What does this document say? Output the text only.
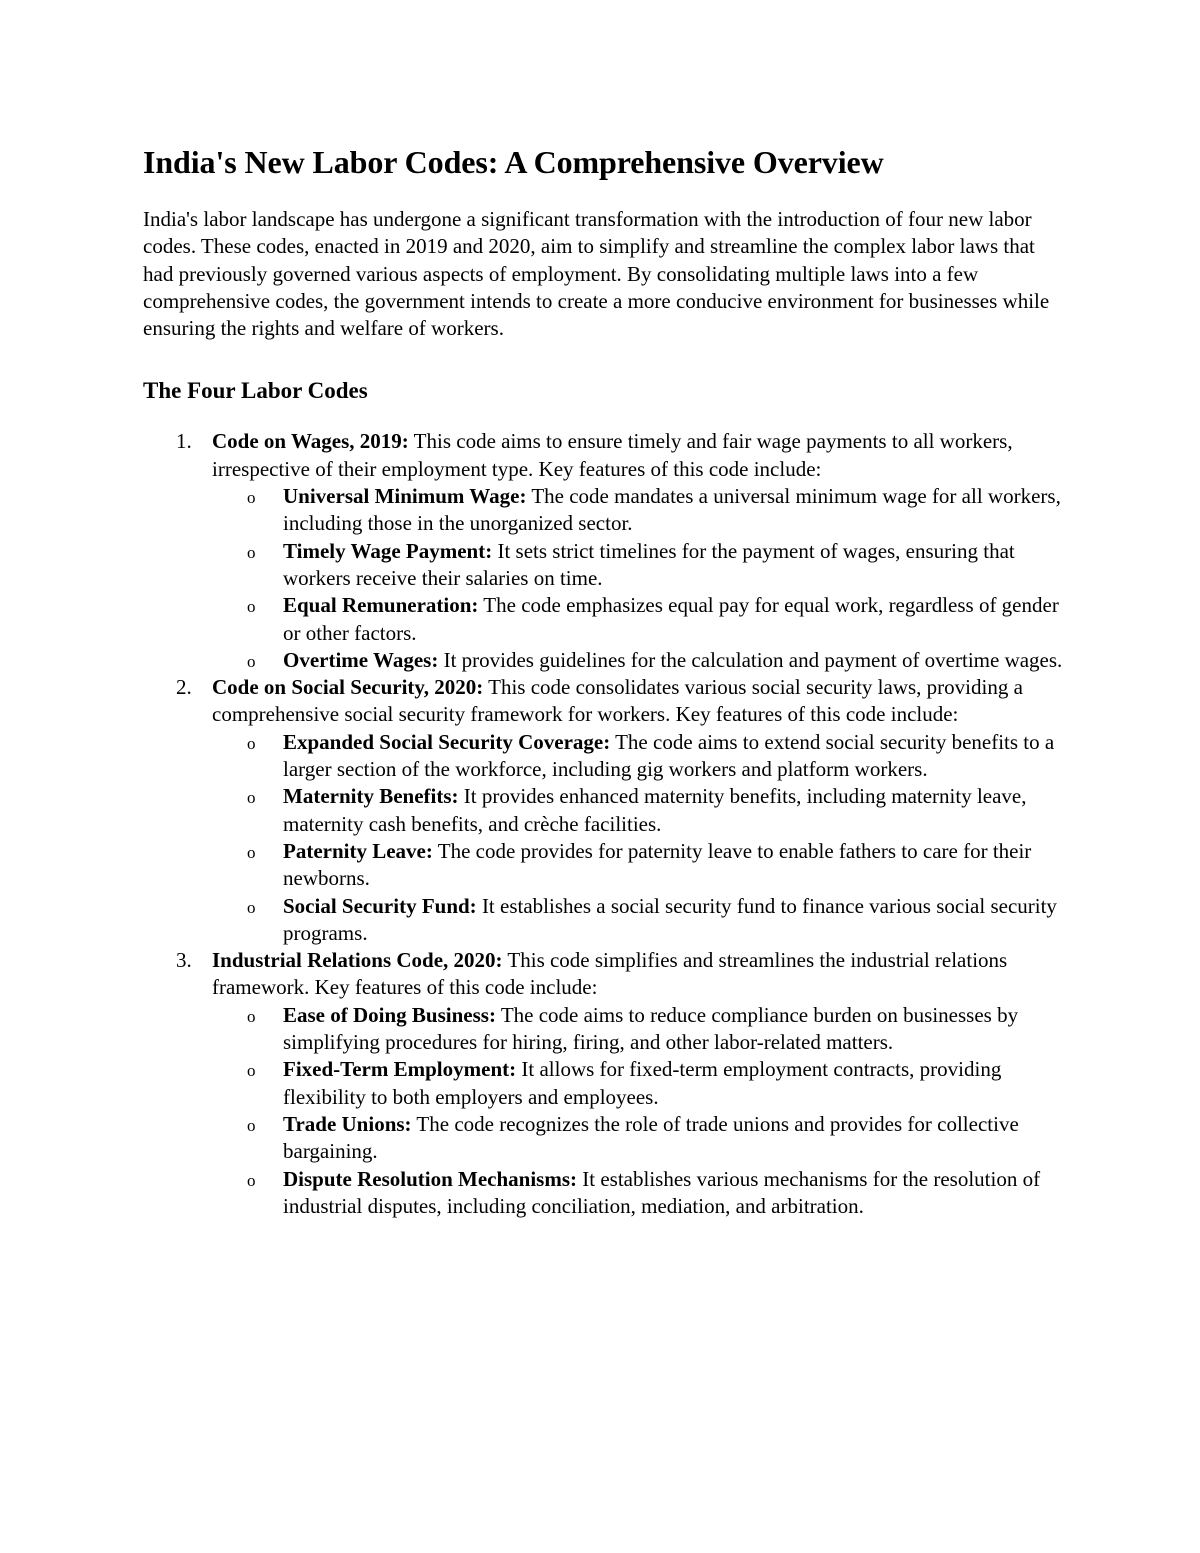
India's New Labor Codes: A Comprehensive Overview

India's labor landscape has undergone a significant transformation with the introduction of four new labor codes. These codes, enacted in 2019 and 2020, aim to simplify and streamline the complex labor laws that had previously governed various aspects of employment. By consolidating multiple laws into a few comprehensive codes, the government intends to create a more conducive environment for businesses while ensuring the rights and welfare of workers.

The Four Labor Codes
1. Code on Wages, 2019: This code aims to ensure timely and fair wage payments to all workers, irrespective of their employment type. Key features of this code include:
o Universal Minimum Wage: The code mandates a universal minimum wage for all workers, including those in the unorganized sector.
o Timely Wage Payment: It sets strict timelines for the payment of wages, ensuring that workers receive their salaries on time.
o Equal Remuneration: The code emphasizes equal pay for equal work, regardless of gender or other factors.
o Overtime Wages: It provides guidelines for the calculation and payment of overtime wages.
2. Code on Social Security, 2020: This code consolidates various social security laws, providing a comprehensive social security framework for workers. Key features of this code include:
o Expanded Social Security Coverage: The code aims to extend social security benefits to a larger section of the workforce, including gig workers and platform workers.
o Maternity Benefits: It provides enhanced maternity benefits, including maternity leave, maternity cash benefits, and crèche facilities.
o Paternity Leave: The code provides for paternity leave to enable fathers to care for their newborns.
o Social Security Fund: It establishes a social security fund to finance various social security programs.
3. Industrial Relations Code, 2020: This code simplifies and streamlines the industrial relations framework. Key features of this code include:
o Ease of Doing Business: The code aims to reduce compliance burden on businesses by simplifying procedures for hiring, firing, and other labor-related matters.
o Fixed-Term Employment: It allows for fixed-term employment contracts, providing flexibility to both employers and employees.
o Trade Unions: The code recognizes the role of trade unions and provides for collective bargaining.
o Dispute Resolution Mechanisms: It establishes various mechanisms for the resolution of industrial disputes, including conciliation, mediation, and arbitration.
